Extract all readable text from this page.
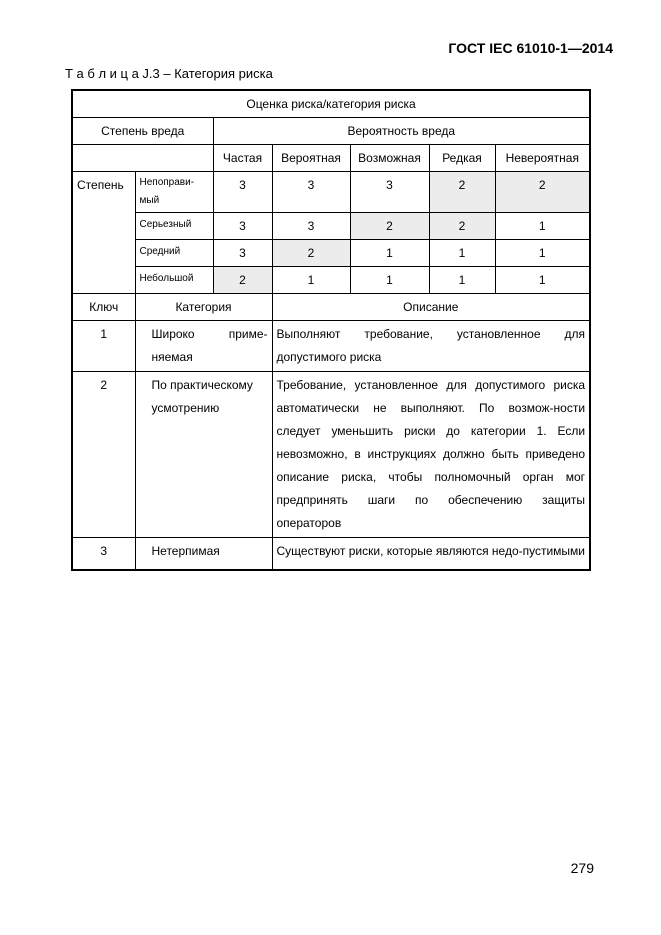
ГОСТ IEC 61010-1—2014
Т а б л и ц а J.3 – Категория риска
Оценка риска/категория риска						
Степень вреда		Вероятность вреда				
		Частая	Вероятная	Возможная	Редкая	Невероятная
Степень	Непоправи-мый	3	3	3	2	2
	Серьезный	3	3	2	2	1
	Средний	3	2	1	1	1
	Небольшой	2	1	1	1	1
Ключ	Категория		Описание			
1	Широко приме-няемая		Выполняют требование, установленное для допустимого риска			
2	По практическому усмотрению		Требование, установленное для допустимого риска автоматически не выполняют. По возмож-ности следует уменьшить риски до категории 1. Если невозможно, в инструкциях должно быть приведено описание риска, чтобы полномочный орган мог предпринять шаги по обеспечению защиты операторов			
3	Нетерпимая		Существуют риски, которые являются недо-пустимыми			
279
